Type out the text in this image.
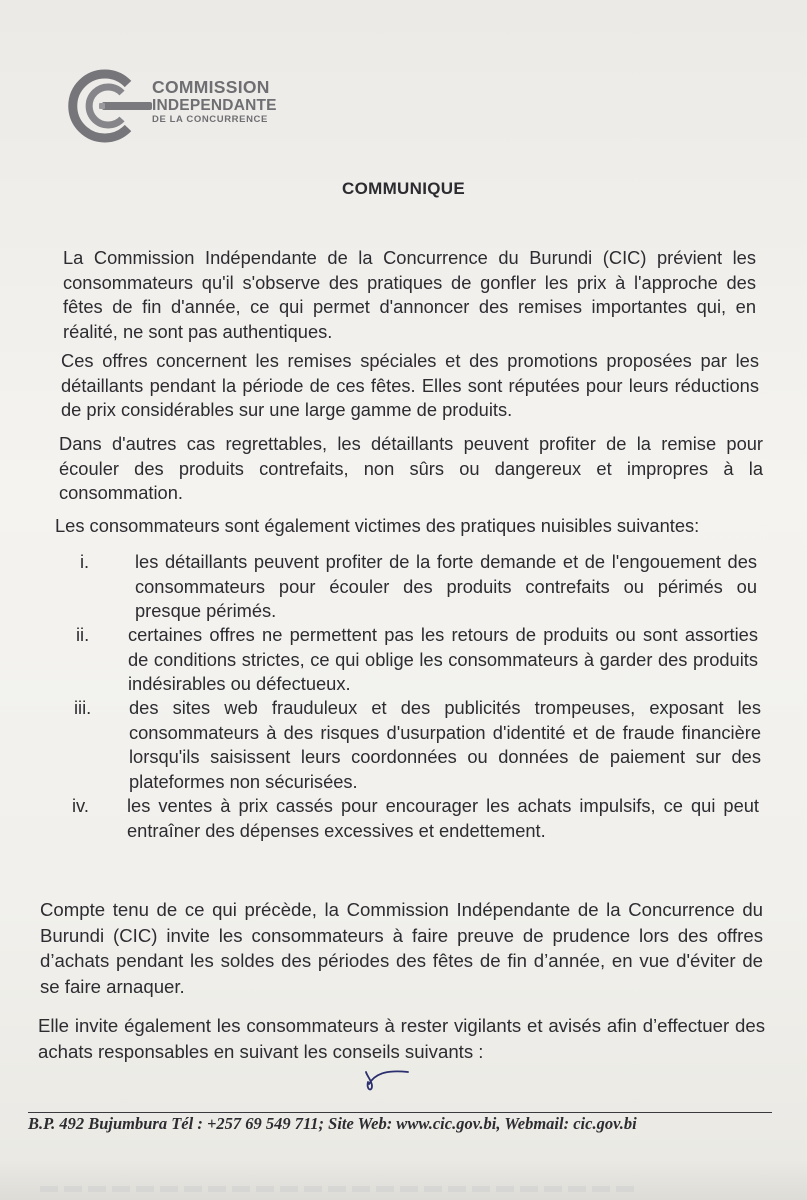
COMMISSION
INDEPENDANTE
DE LA CONCURRENCE
COMMUNIQUE
La Commission Indépendante de la Concurrence du Burundi (CIC) prévient les consommateurs qu'il s'observe des pratiques de gonfler les prix à l'approche des fêtes de fin d'année, ce qui permet d'annoncer des remises importantes qui, en réalité, ne sont pas authentiques.
Ces offres concernent les remises spéciales et des promotions proposées par les détaillants pendant la période de ces fêtes. Elles sont réputées pour leurs réductions de prix considérables sur une large gamme de produits.
Dans d'autres cas regrettables, les détaillants peuvent profiter de la remise pour écouler des produits contrefaits, non sûrs ou dangereux et impropres à la consommation.
Les consommateurs sont également victimes des pratiques nuisibles suivantes:
i.	les détaillants peuvent profiter de la forte demande et de l'engouement des consommateurs pour écouler des produits contrefaits ou périmés ou presque périmés.
ii. certaines offres ne permettent pas les retours de produits ou sont assorties de conditions strictes, ce qui oblige les consommateurs à garder des produits indésirables ou défectueux.
iii. des sites web frauduleux et des publicités trompeuses, exposant les consommateurs à des risques d'usurpation d'identité et de fraude financière lorsqu'ils saisissent leurs coordonnées ou données de paiement sur des plateformes non sécurisées.
iv. les ventes à prix cassés pour encourager les achats impulsifs, ce qui peut entraîner des dépenses excessives et endettement.
Compte tenu de ce qui précède, la Commission Indépendante de la Concurrence du Burundi (CIC) invite les consommateurs à faire preuve de prudence lors des offres d’achats pendant les soldes des périodes des fêtes de fin d’année, en vue d'éviter de se faire arnaquer.
Elle invite également les consommateurs à rester vigilants et avisés afin d’effectuer des achats responsables en suivant les conseils suivants :
B.P. 492 Bujumbura Tél : +257 69 549 711; Site Web: www.cic.gov.bi, Webmail: cic.gov.bi
